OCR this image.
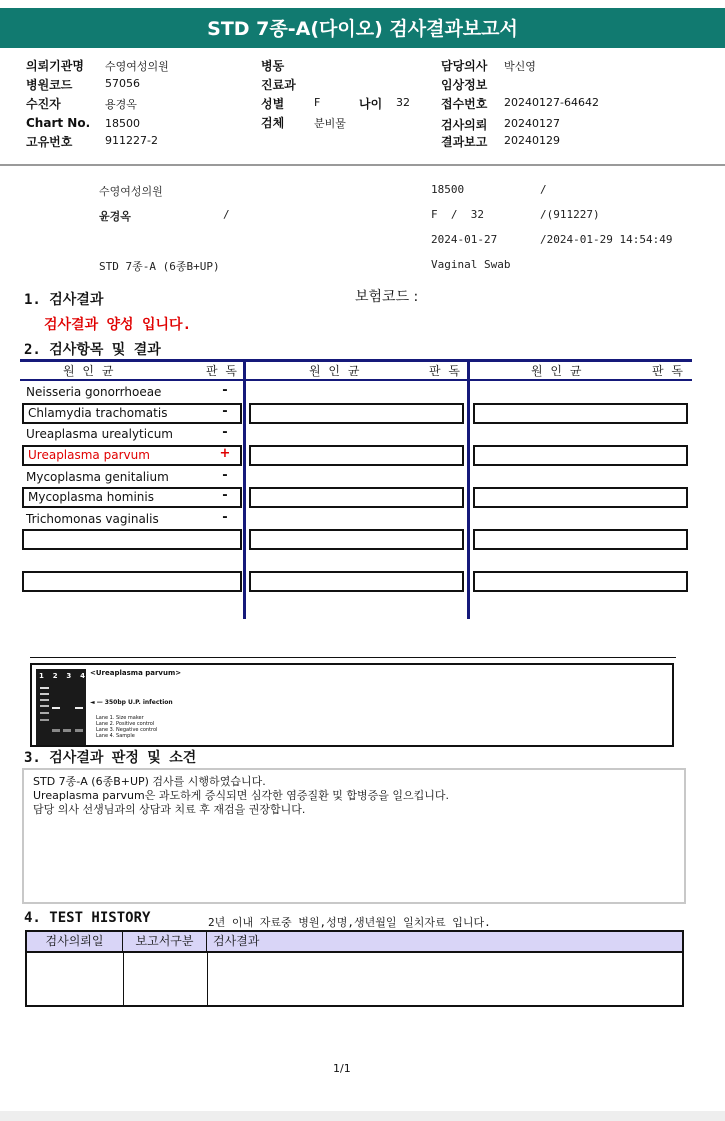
STD 7종-A(다이오) 검사결과보고서
의뢰기관명 수영여성의원
병원코드	57056
수진자	용경옥
Chart No. 18500
고유번호	911227-2
병동
진료과
성별	F	나이 32
검체	분비물
담당의사 박신영
임상정보
접수번호 20240127-64642
검사의뢰 20240127
결과보고 20240129
수영여성의원	18500	/
윤경옥	/	F  /  32	/(911227)
2024-01-27	/2024-01-29 14:54:49
STD 7종-A (6종B+UP)	Vaginal Swab
1. 검사결과	보험코드 :
검사결과 양성 입니다.
2. 검사항목 및 결과
원 인 균	판 독	원 인 균	판 독	원 인 균	판 독
Neisseria gonorrhoeae	-
Chlamydia trachomatis	-
Ureaplasma urealyticum	-
Ureaplasma parvum	+
Mycoplasma genitalium	-
Mycoplasma hominis	-
Trichomonas vaginalis	-
1 2 3 4 <Ureaplasma parvum>
◄ — 350bp U.P. infection
Lane 1. Size maker
Lane 2. Positive control
Lane 3. Negative control
Lane 4. Sample
3. 검사결과 판정 및 소견
STD 7종-A (6종B+UP) 검사를 시행하였습니다.
Ureaplasma parvum은 과도하게 증식되면 심각한 염증질환 및 합병증을 일으킵니다.
담당 의사 선생님과의 상담과 치료 후 재검을 권장합니다.
4. TEST HISTORY	2년 이내 자료중 병원,성명,생년월일 일치자료 입니다.
검사의뢰일	보고서구분	검사결과
1/1
